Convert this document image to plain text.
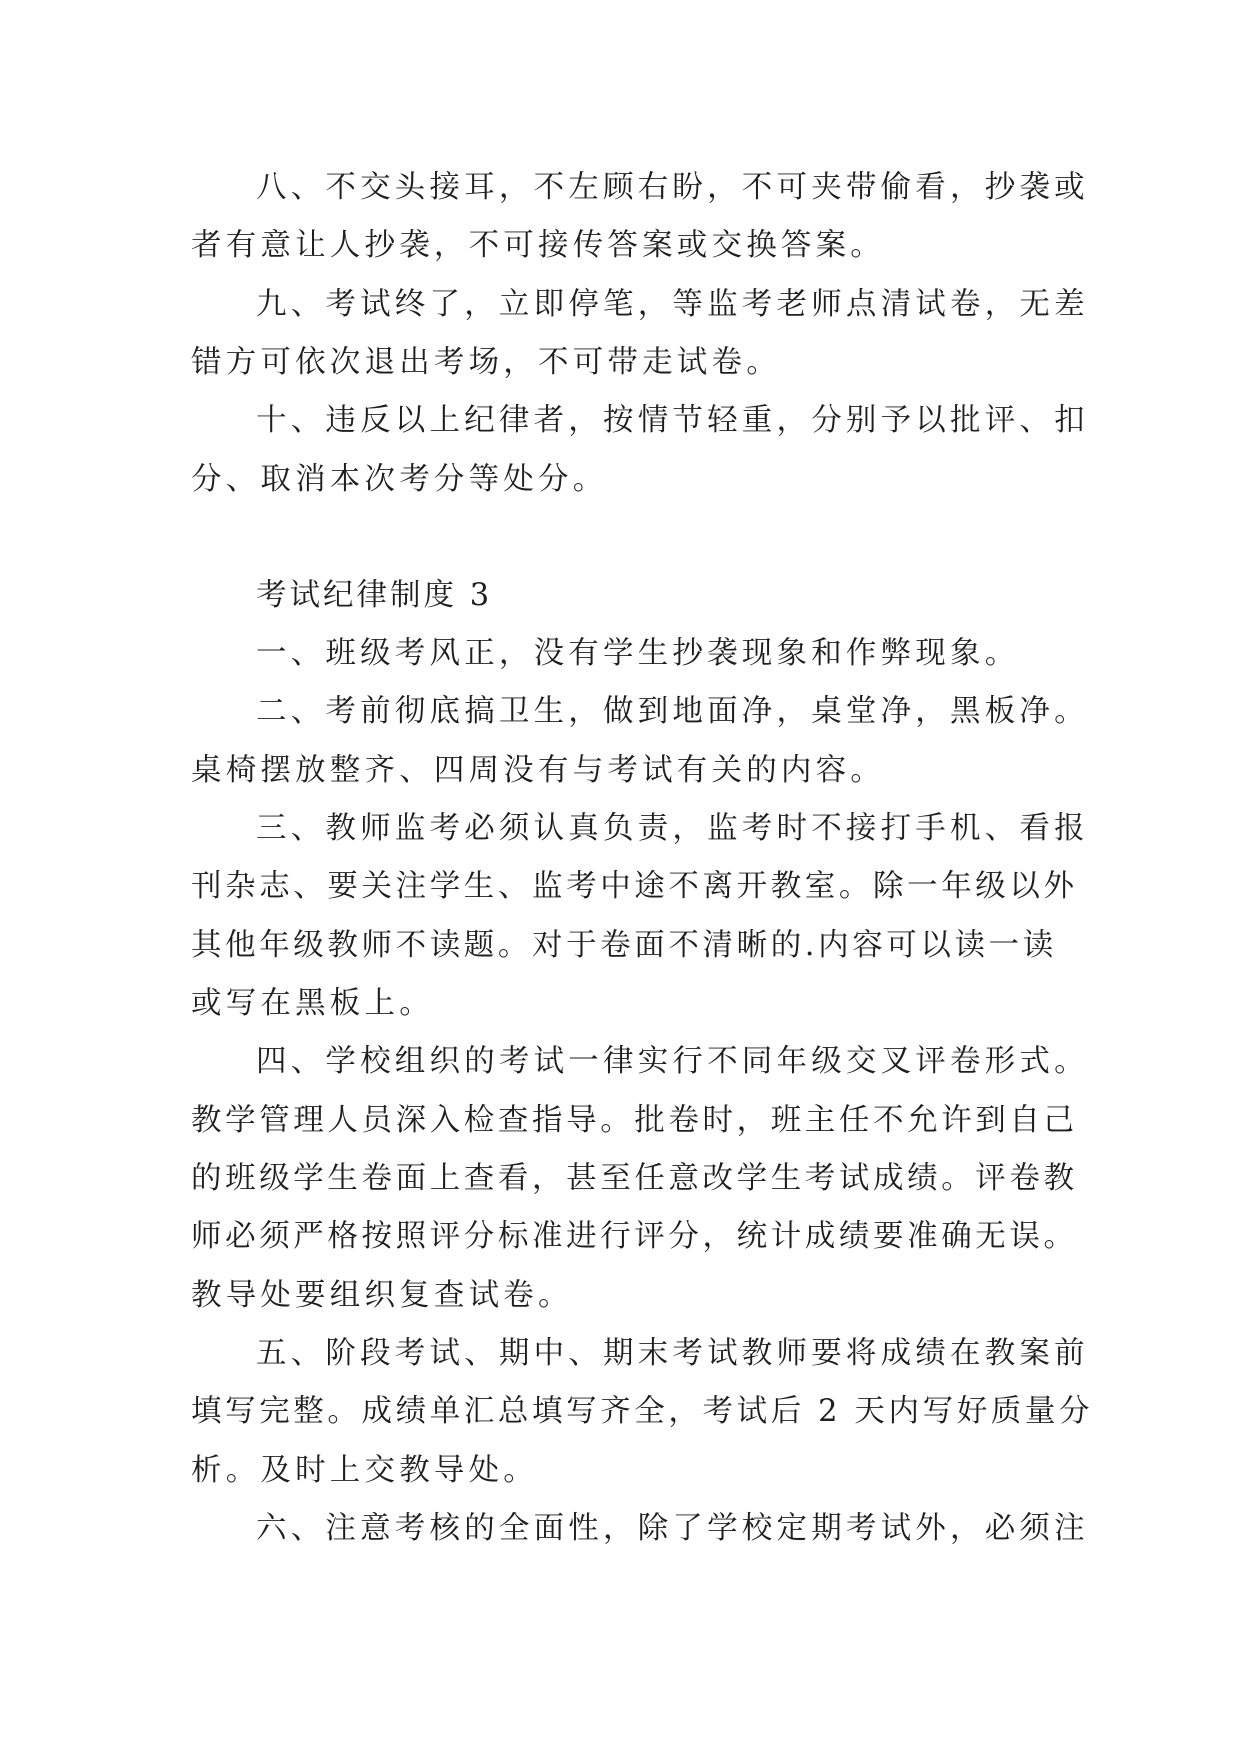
八、不交头接耳，不左顾右盼，不可夹带偷看，抄袭或
者有意让人抄袭，不可接传答案或交换答案。
九、考试终了，立即停笔，等监考老师点清试卷，无差
错方可依次退出考场，不可带走试卷。
十、违反以上纪律者，按情节轻重，分别予以批评、扣
分、取消本次考分等处分。
考试纪律制度 3
一、班级考风正，没有学生抄袭现象和作弊现象。
二、考前彻底搞卫生，做到地面净，桌堂净，黑板净。
桌椅摆放整齐、四周没有与考试有关的内容。
三、教师监考必须认真负责，监考时不接打手机、看报
刊杂志、要关注学生、监考中途不离开教室。除一年级以外
其他年级教师不读题。对于卷面不清晰的.内容可以读一读
或写在黑板上。
四、学校组织的考试一律实行不同年级交叉评卷形式。
教学管理人员深入检查指导。批卷时，班主任不允许到自己
的班级学生卷面上查看，甚至任意改学生考试成绩。评卷教
师必须严格按照评分标准进行评分，统计成绩要准确无误。
教导处要组织复查试卷。
五、阶段考试、期中、期末考试教师要将成绩在教案前
填写完整。成绩单汇总填写齐全，考试后 2 天内写好质量分
析。及时上交教导处。
六、注意考核的全面性，除了学校定期考试外，必须注
